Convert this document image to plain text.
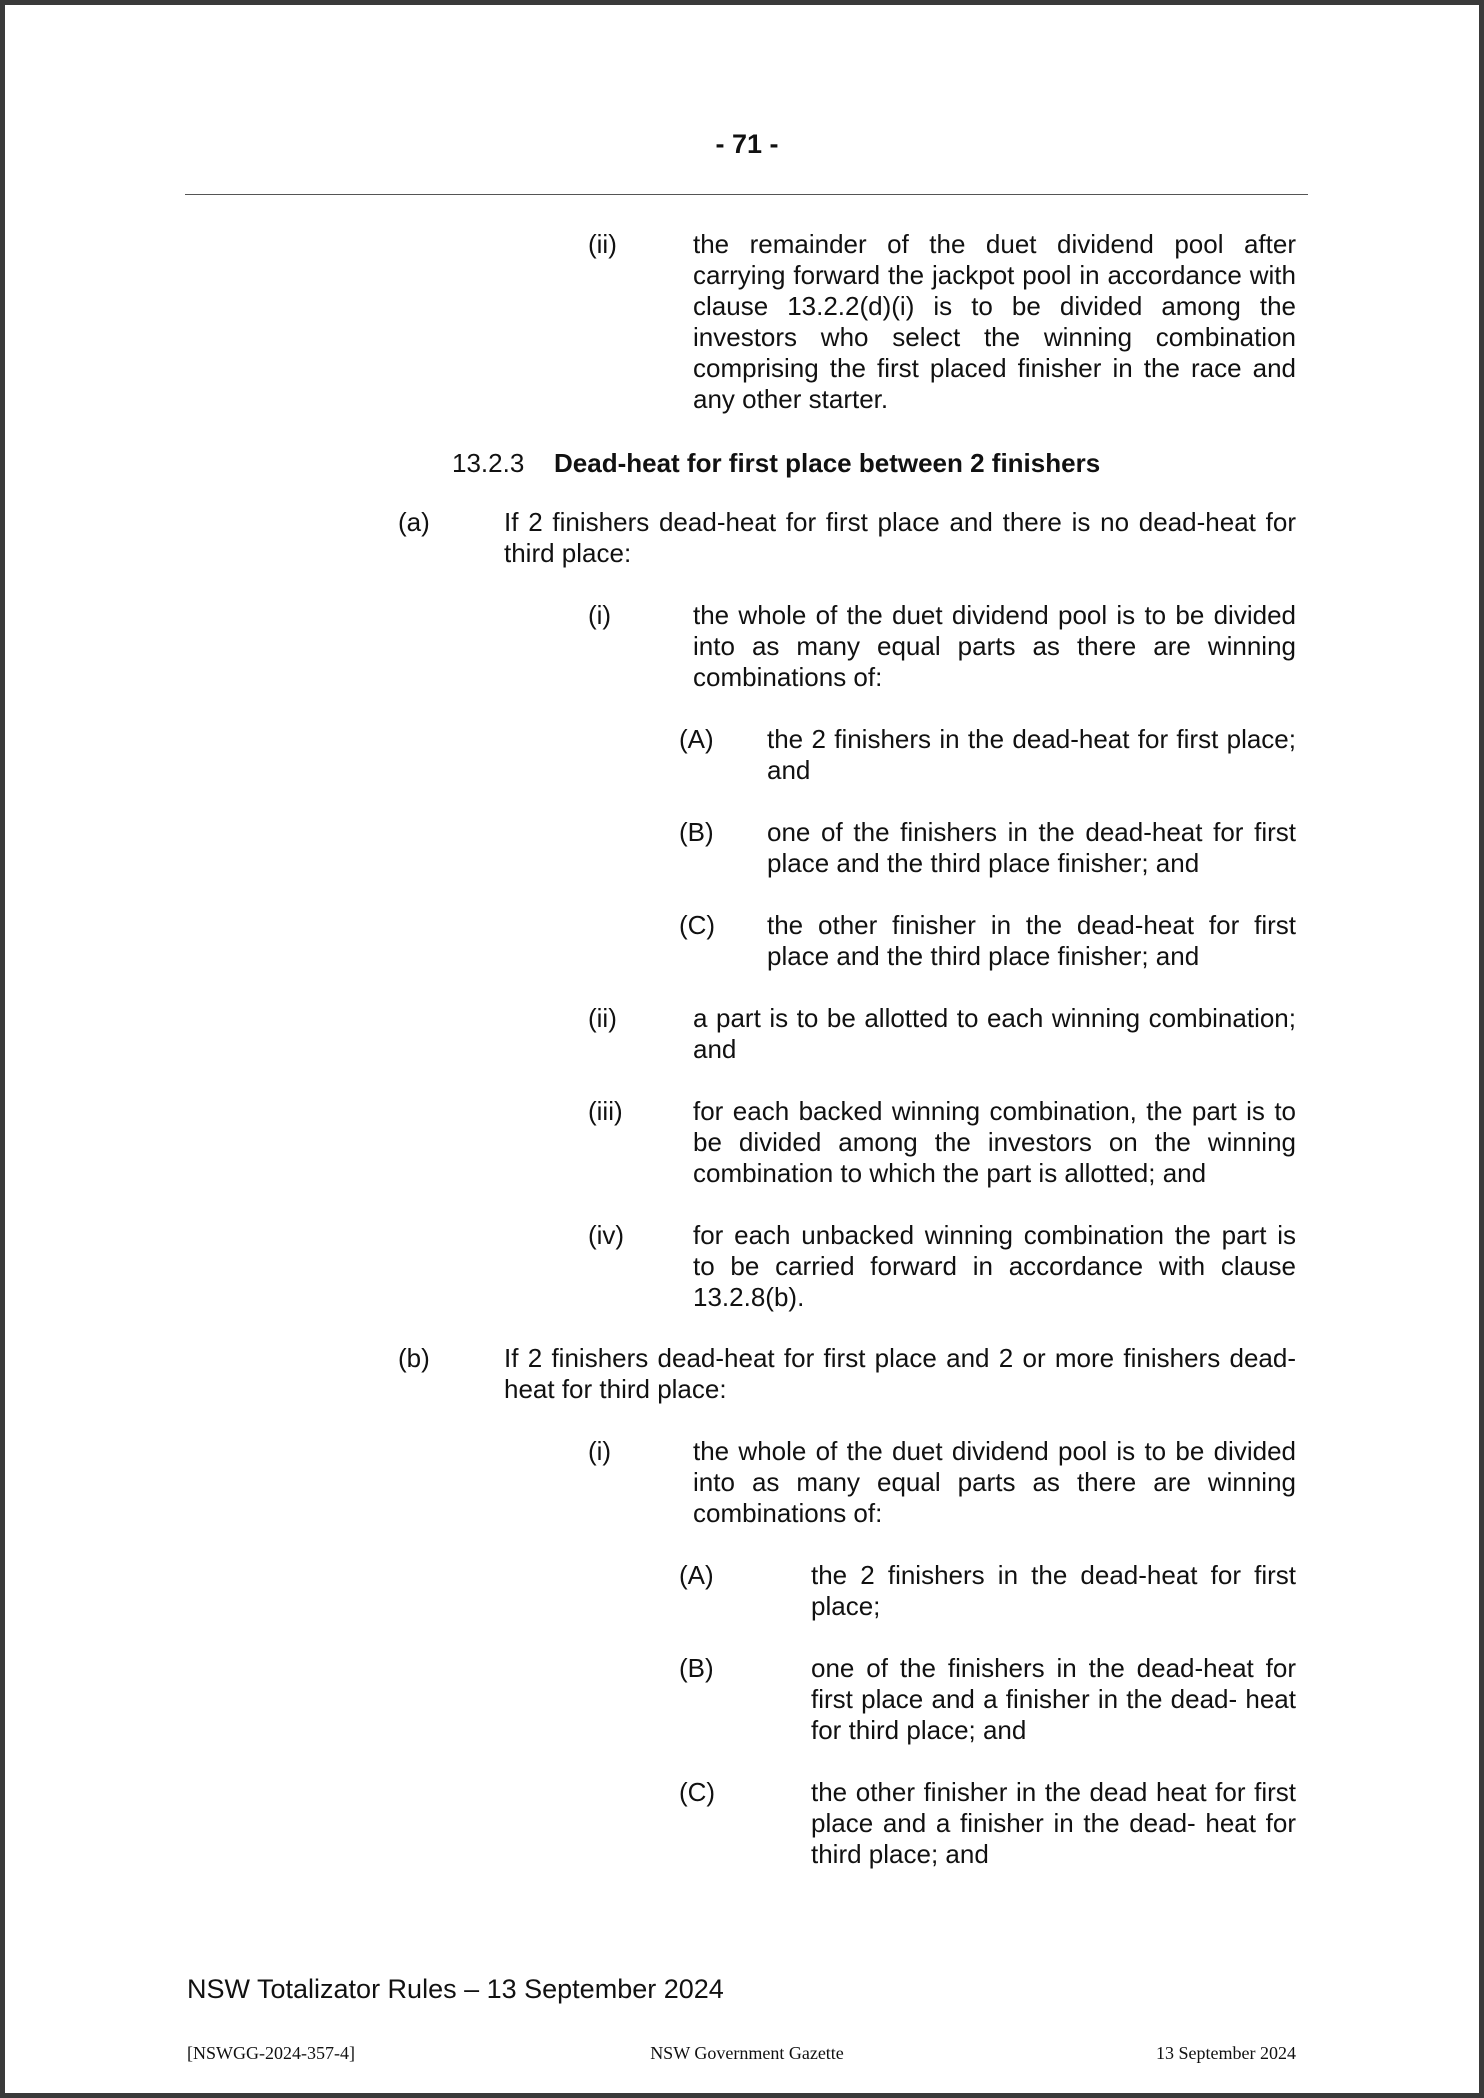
- 71 -
(ii)	the remainder of the duet dividend pool after carrying forward the jackpot pool in accordance with clause 13.2.2(d)(i) is to be divided among the investors who select the winning combination comprising the first placed finisher in the race and any other starter.
13.2.3 Dead-heat for first place between 2 finishers
(a)	If 2 finishers dead-heat for first place and there is no dead-heat for third place:
(i)	the whole of the duet dividend pool is to be divided into as many equal parts as there are winning combinations of:
(A) the 2 finishers in the dead-heat for first place; and
(B) one of the finishers in the dead-heat for first place and the third place finisher; and
(C) the other finisher in the dead-heat for first place and the third place finisher; and
(ii)	a part is to be allotted to each winning combination; and
(iii)	for each backed winning combination, the part is to be divided among the investors on the winning combination to which the part is allotted; and
(iv)	for each unbacked winning combination the part is to be carried forward in accordance with clause 13.2.8(b).
(b)	If 2 finishers dead-heat for first place and 2 or more finishers dead-heat for third place:
(i)	the whole of the duet dividend pool is to be divided into as many equal parts as there are winning combinations of:
(A)	the 2 finishers in the dead-heat for first place;
(B)	one of the finishers in the dead-heat for first place and a finisher in the dead- heat for third place; and
(C)	the other finisher in the dead heat for first place and a finisher in the dead- heat for third place; and
NSW Totalizator Rules – 13 September 2024
[NSWGG-2024-357-4]	NSW Government Gazette	13 September 2024
